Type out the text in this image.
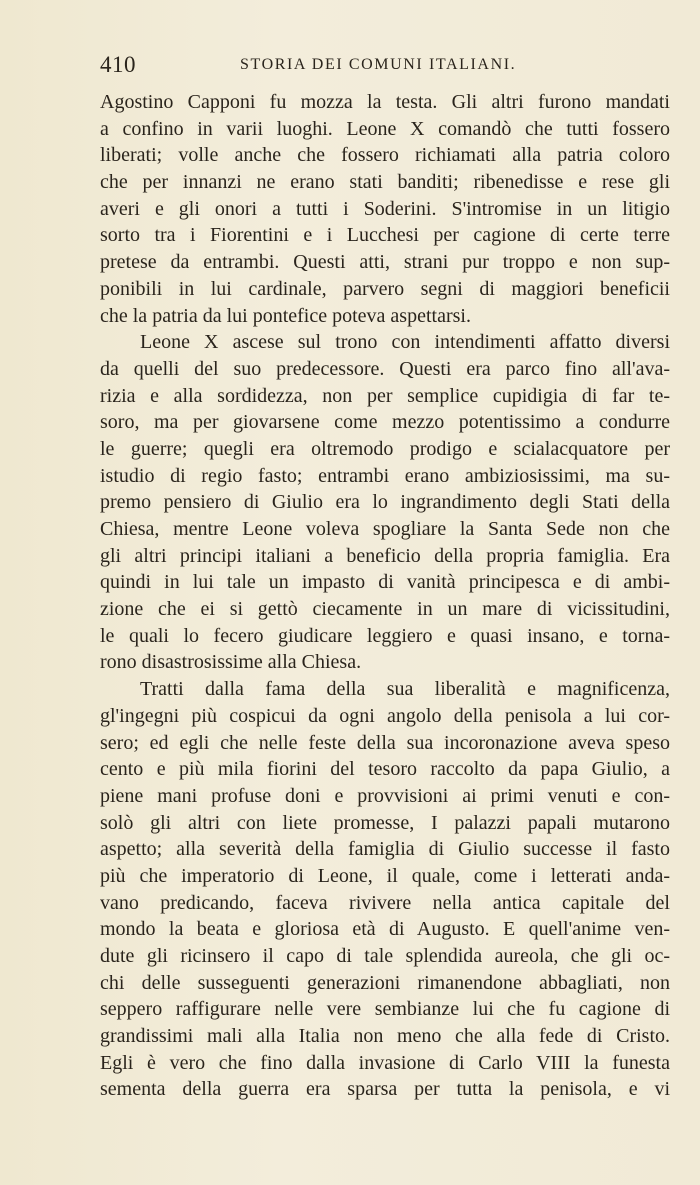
410	STORIA DEI COMUNI ITALIANI.
Agostino Capponi fu mozza la testa. Gli altri furono mandati
a confino in varii luoghi. Leone X comandò che tutti fossero
liberati; volle anche che fossero richiamati alla patria coloro
che per innanzi ne erano stati banditi; ribenedisse e rese gli
averi e gli onori a tutti i Soderini. S'intromise in un litigio
sorto tra i Fiorentini e i Lucchesi per cagione di certe terre
pretese da entrambi. Questi atti, strani pur troppo e non sup-
ponibili in lui cardinale, parvero segni di maggiori beneficii
che la patria da lui pontefice poteva aspettarsi.
Leone X ascese sul trono con intendimenti affatto diversi
da quelli del suo predecessore. Questi era parco fino all'ava-
rizia e alla sordidezza, non per semplice cupidigia di far te-
soro, ma per giovarsene come mezzo potentissimo a condurre
le guerre; quegli era oltremodo prodigo e scialacquatore per
istudio di regio fasto; entrambi erano ambiziosissimi, ma su-
premo pensiero di Giulio era lo ingrandimento degli Stati della
Chiesa, mentre Leone voleva spogliare la Santa Sede non che
gli altri principi italiani a beneficio della propria famiglia. Era
quindi in lui tale un impasto di vanità principesca e di ambi-
zione che ei si gettò ciecamente in un mare di vicissitudini,
le quali lo fecero giudicare leggiero e quasi insano, e torna-
rono disastrosissime alla Chiesa.
Tratti dalla fama della sua liberalità e magnificenza,
gl'ingegni più cospicui da ogni angolo della penisola a lui cor-
sero; ed egli che nelle feste della sua incoronazione aveva speso
cento e più mila fiorini del tesoro raccolto da papa Giulio, a
piene mani profuse doni e provvisioni ai primi venuti e con-
solò gli altri con liete promesse, I palazzi papali mutarono
aspetto; alla severità della famiglia di Giulio successe il fasto
più che imperatorio di Leone, il quale, come i letterati anda-
vano predicando, faceva rivivere nella antica capitale del
mondo la beata e gloriosa età di Augusto. E quell'anime ven-
dute gli ricinsero il capo di tale splendida aureola, che gli oc-
chi delle susseguenti generazioni rimanendone abbagliati, non
seppero raffigurare nelle vere sembianze lui che fu cagione di
grandissimi mali alla Italia non meno che alla fede di Cristo.
Egli è vero che fino dalla invasione di Carlo VIII la funesta
sementa della guerra era sparsa per tutta la penisola, e vi
